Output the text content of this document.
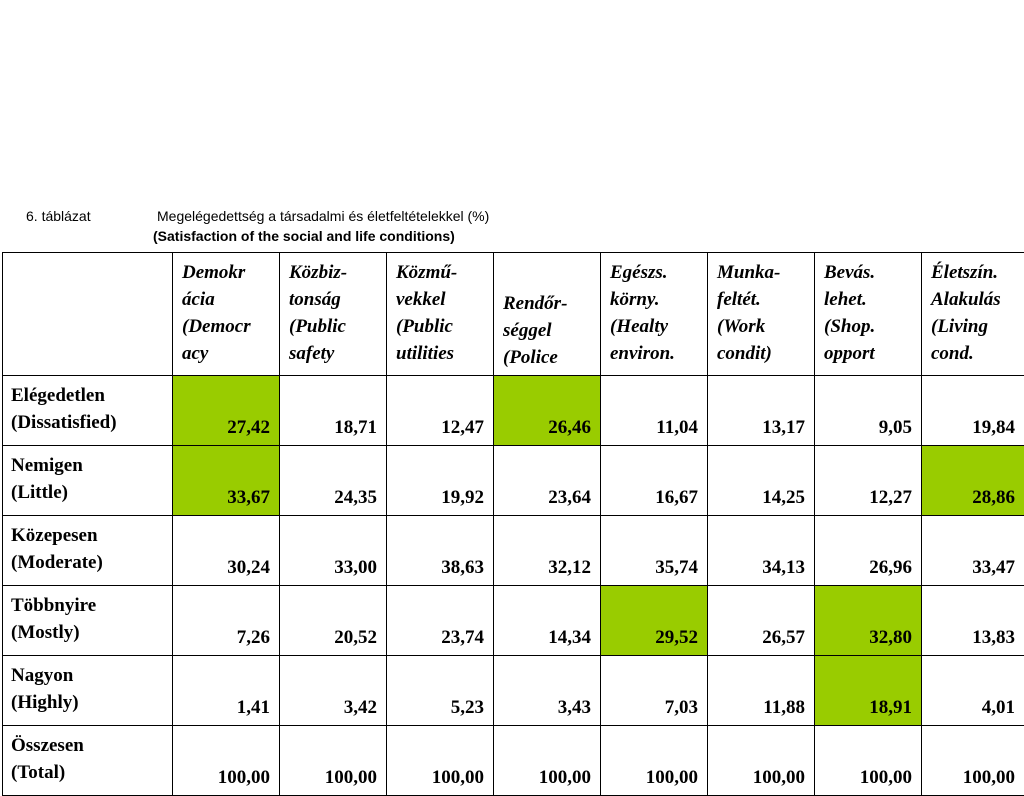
6. táblázat	Megelégedettség a társadalmi és életfeltételekkel (%)
(Satisfaction of the social and life conditions)
	Demokr
ácia
(Democr
acy	Közbiz-
tonság
(Public
safety	Közmű-
vekkel
(Public
utilities	Rendőr-
séggel
(Police	Egészs.
körny.
(Healty
environ.	Munka-
feltét.
(Work
condit)	Bevás.
lehet.
(Shop.
opport	Életszín.
Alakulás
(Living
cond.
Elégedetlen
(Dissatisfied)	27,42	18,71	12,47	26,46	11,04	13,17	9,05	19,84
Nemigen
(Little)	33,67	24,35	19,92	23,64	16,67	14,25	12,27	28,86
Közepesen
(Moderate)	30,24	33,00	38,63	32,12	35,74	34,13	26,96	33,47
Többnyire
(Mostly)	7,26	20,52	23,74	14,34	29,52	26,57	32,80	13,83
Nagyon
(Highly)	1,41	3,42	5,23	3,43	7,03	11,88	18,91	4,01
Összesen
(Total)	100,00	100,00	100,00	100,00	100,00	100,00	100,00	100,00
